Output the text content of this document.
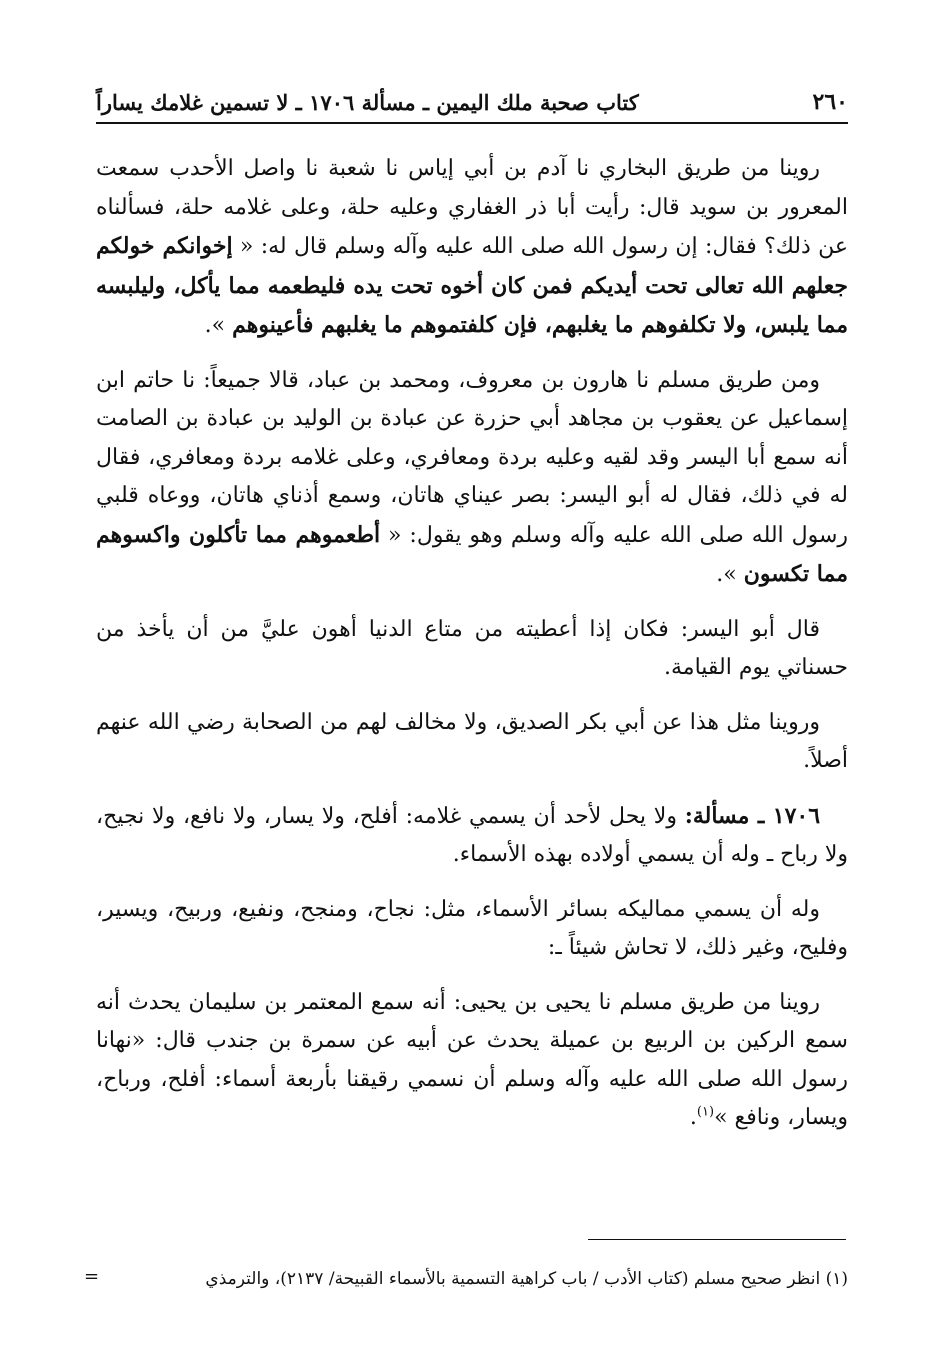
٢٦٠
كتاب صحبة ملك اليمين ـ مسألة ١٧٠٦ ـ لا تسمين غلامك يساراً

روينا من طريق البخاري نا آدم بن أبي إياس نا شعبة نا واصل الأحدب سمعت المعرور بن سويد قال: رأيت أبا ذر الغفاري وعليه حلة، وعلى غلامه حلة، فسألناه عن ذلك؟ فقال: إن رسول الله صلى الله عليه وآله وسلم قال له: « إخوانكم خولكم جعلهم الله تعالى تحت أيديكم فمن كان أخوه تحت يده فليطعمه مما يأكل، وليلبسه مما يلبس، ولا تكلفوهم ما يغلبهم، فإن كلفتموهم ما يغلبهم فأعينوهم ».

ومن طريق مسلم نا هارون بن معروف، ومحمد بن عباد، قالا جميعاً: نا حاتم ابن إسماعيل عن يعقوب بن مجاهد أبي حزرة عن عبادة بن الوليد بن عبادة بن الصامت أنه سمع أبا اليسر وقد لقيه وعليه بردة ومعافري، وعلى غلامه بردة ومعافري، فقال له في ذلك، فقال له أبو اليسر: بصر عيناي هاتان، وسمع أذناي هاتان، ووعاه قلبي رسول الله صلى الله عليه وآله وسلم وهو يقول: « أطعموهم مما تأكلون واكسوهم مما تكسون ».

قال أبو اليسر: فكان إذا أعطيته من متاع الدنيا أهون عليَّ من أن يأخذ من حسناتي يوم القيامة.

وروينا مثل هذا عن أبي بكر الصديق، ولا مخالف لهم من الصحابة رضي الله عنهم أصلاً.

١٧٠٦ ـ مسألة: ولا يحل لأحد أن يسمي غلامه: أفلح، ولا يسار، ولا نافع، ولا نجيح، ولا رباح ـ وله أن يسمي أولاده بهذه الأسماء.

وله أن يسمي مماليكه بسائر الأسماء، مثل: نجاح، ومنجح، ونفيع، وربيح، ويسير، وفليح، وغير ذلك، لا تحاش شيئاً ـ:

روينا من طريق مسلم نا يحيى بن يحيى: أنه سمع المعتمر بن سليمان يحدث أنه سمع الركين بن الربيع بن عميلة يحدث عن أبيه عن سمرة بن جندب قال: «نهانا رسول الله صلى الله عليه وآله وسلم أن نسمي رقيقنا بأربعة أسماء: أفلح، ورباح، ويسار، ونافع »$^{(١)}$.

(١) انظر صحيح مسلم (كتاب الأدب / باب كراهية التسمية بالأسماء القبيحة/ ٢١٣٧)، والترمذي
=
